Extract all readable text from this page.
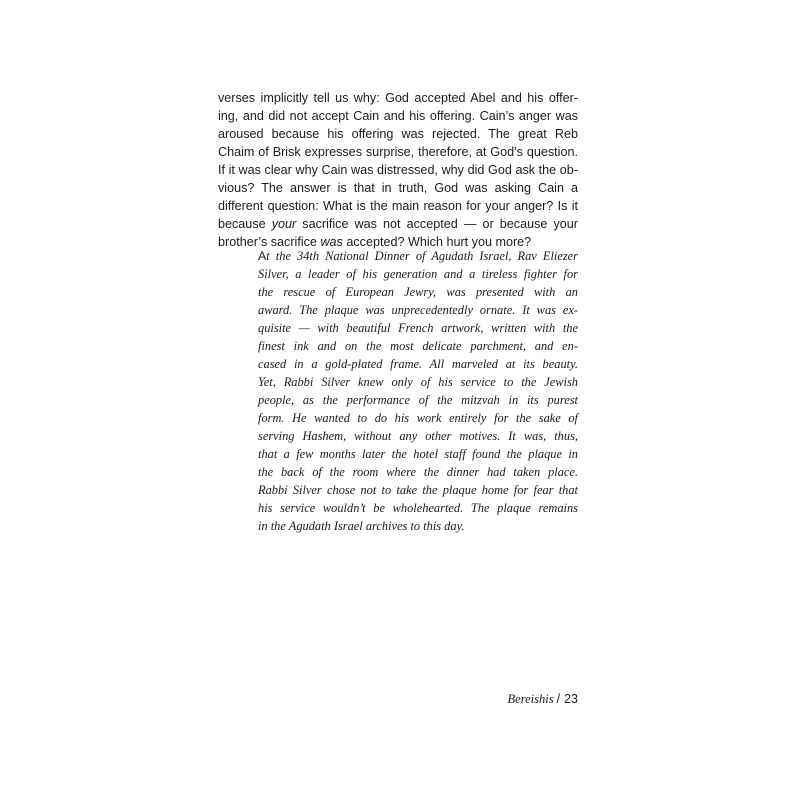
verses implicitly tell us why: God accepted Abel and his offer-
ing, and did not accept Cain and his offering. Cain’s anger was
aroused because his offering was rejected. The great Reb
Chaim of Brisk expresses surprise, therefore, at God’s question.
If it was clear why Cain was distressed, why did God ask the ob-
vious? The answer is that in truth, God was asking Cain a
different question: What is the main reason for your anger? Is it
because your sacrifice was not accepted — or because your
brother’s sacrifice was accepted? Which hurt you more?
At the 34th National Dinner of Agudath Israel, Rav Eliezer
Silver, a leader of his generation and a tireless fighter for
the rescue of European Jewry, was presented with an
award. The plaque was unprecedentedly ornate. It was ex-
quisite — with beautiful French artwork, written with the
finest ink and on the most delicate parchment, and en-
cased in a gold-plated frame. All marveled at its beauty.
Yet, Rabbi Silver knew only of his service to the Jewish
people, as the performance of the mitzvah in its purest
form. He wanted to do his work entirely for the sake of
serving Hashem, without any other motives. It was, thus,
that a few months later the hotel staff found the plaque in
the back of the room where the dinner had taken place.
Rabbi Silver chose not to take the plaque home for fear that
his service wouldn’t be wholehearted. The plaque remains
in the Agudath Israel archives to this day.
Bereishis / 23
